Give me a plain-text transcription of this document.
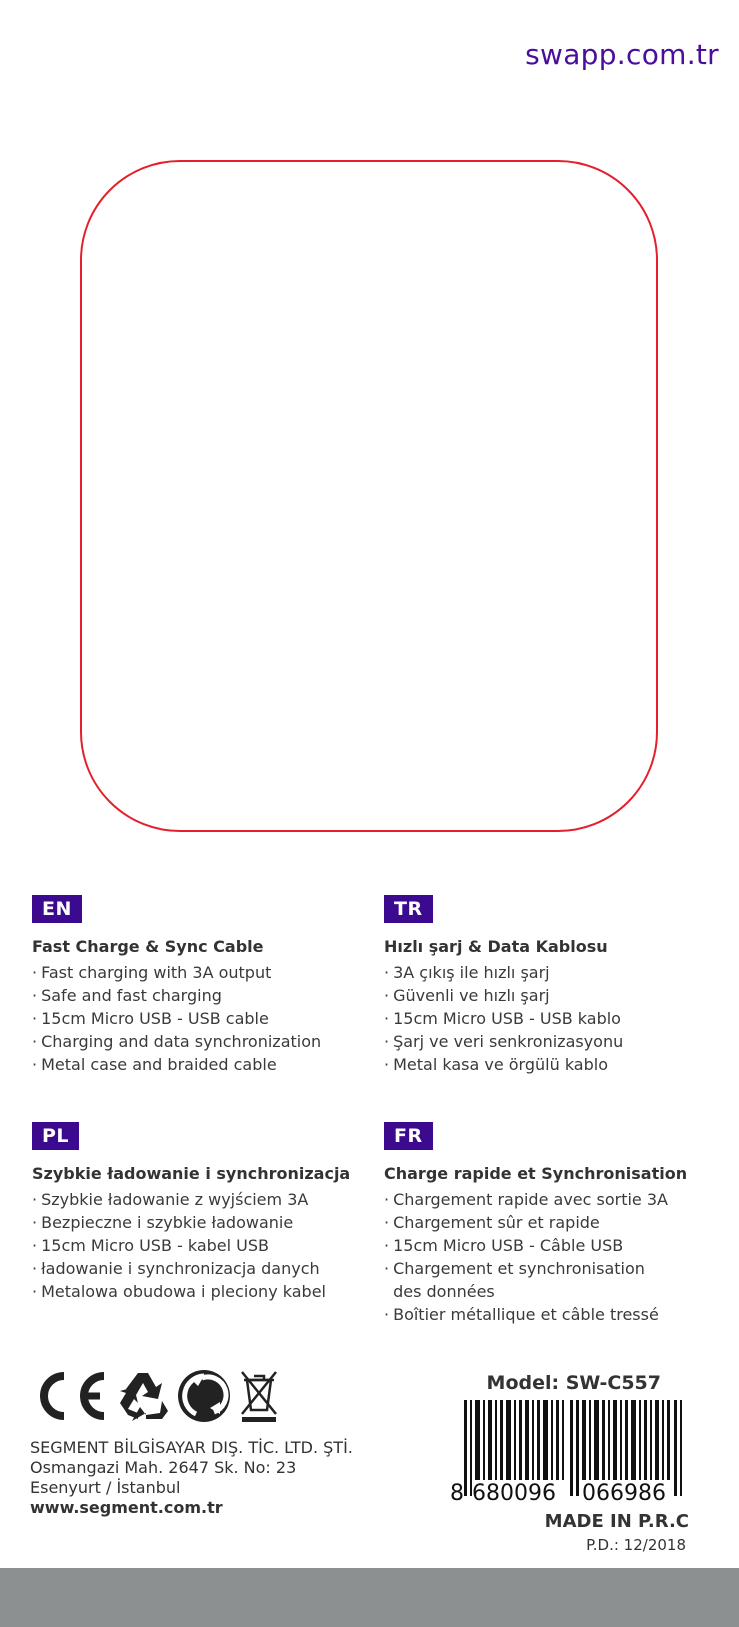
swapp.com.tr
EN
Fast Charge & Sync Cable
· Fast charging with 3A output
· Safe and fast charging
· 15cm Micro USB - USB cable
· Charging and data synchronization
· Metal case and braided cable
TR
Hızlı şarj & Data Kablosu
· 3A çıkış ile hızlı şarj
· Güvenli ve hızlı şarj
· 15cm Micro USB - USB kablo
· Şarj ve veri senkronizasyonu
· Metal kasa ve örgülü kablo
PL
Szybkie ładowanie i synchronizacja
· Szybkie ładowanie z wyjściem 3A
· Bezpieczne i szybkie ładowanie
· 15cm Micro USB - kabel USB
· ładowanie i synchronizacja danych
· Metalowa obudowa i pleciony kabel
FR
Charge rapide et Synchronisation
· Chargement rapide avec sortie 3A
· Chargement sûr et rapide
· 15cm Micro USB - Câble USB
· Chargement et synchronisation
des données
· Boîtier métallique et câble tressé
SEGMENT BİLGİSAYAR DIŞ. TİC. LTD. ŞTİ.
Osmangazi Mah. 2647 Sk. No: 23
Esenyurt / İstanbul
www.segment.com.tr
Model: SW-C557
8 680096 066986
MADE IN P.R.C
P.D.: 12/2018
